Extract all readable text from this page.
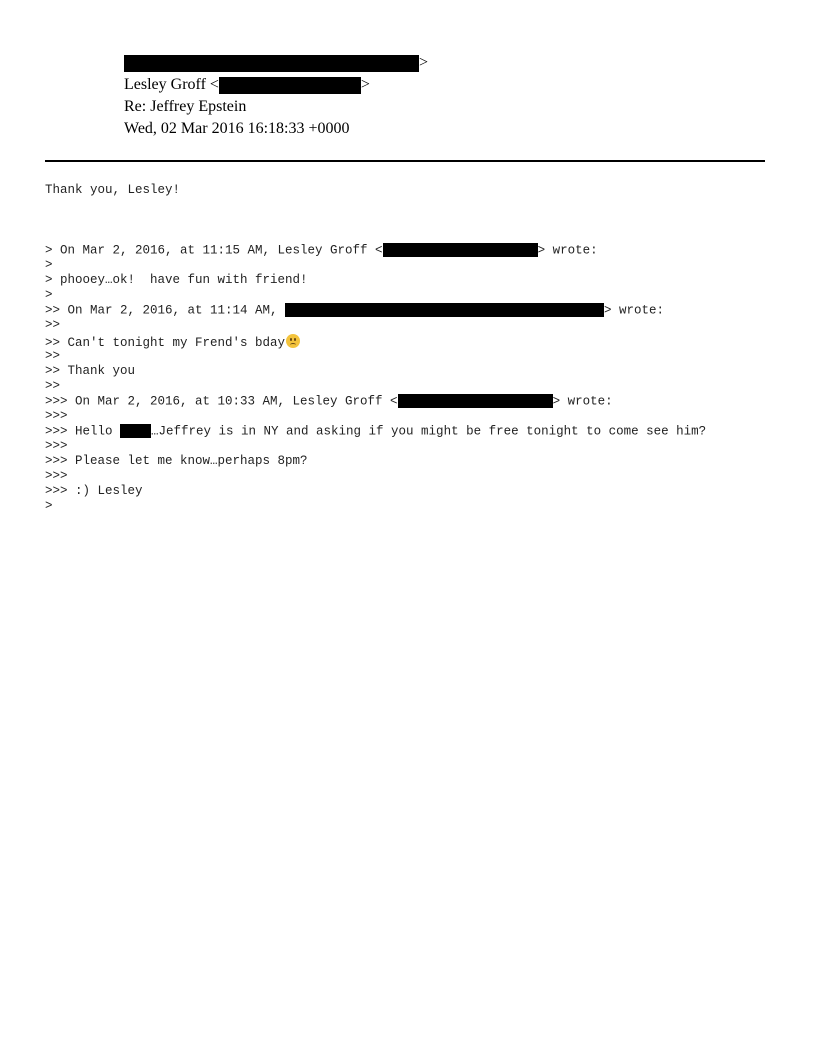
>
Lesley Groff <	>
Re: Jeffrey Epstein
Wed, 02 Mar 2016 16:18:33 +0000
Thank you, Lesley!
> On Mar 2, 2016, at 11:15 AM, Lesley Groff <	> wrote:
>
> phooey…ok!  have fun with friend!
>
>> On Mar 2, 2016, at 11:14 AM,	> wrote:
>>
>> Can't tonight my Frend's bday
>>
>> Thank you
>>
>>> On Mar 2, 2016, at 10:33 AM, Lesley Groff <	> wrote:
>>>
>>> Hello …Jeffrey is in NY and asking if you might be free tonight to come see him?
>>>
>>> Please let me know…perhaps 8pm?
>>>
>>> :) Lesley
>
